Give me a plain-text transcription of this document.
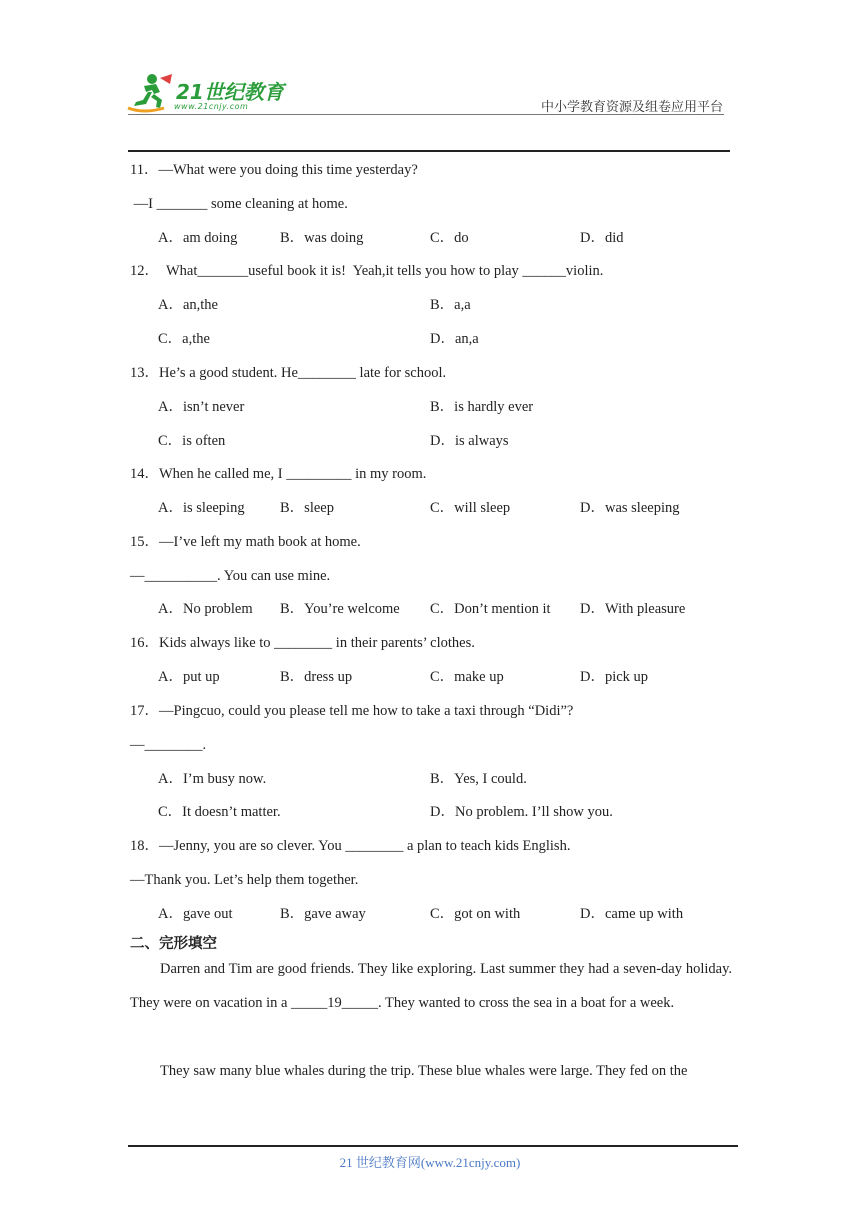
21世纪教育
www.21cnjy.com	中小学教育资源及组卷应用平台
11．—What were you doing this time yesterday?
—I _______ some cleaning at home.
A．am doing	B．was doing	C．do	D．did
12．  What_______useful book it is!  Yeah,it tells you how to play ______violin.
A．an,the	B．a,a
C．a,the	D．an,a
13．He’s a good student. He________ late for school.
A．isn’t never	B．is hardly ever
C．is often	D．is always
14．When he called me, I _________ in my room.
A．is sleeping B．sleep	C．will sleep	D．was sleeping
15．—I’ve left my math book at home.
—__________. You can use mine.
A．No problem B．You’re welcome C．Don’t mention it D．With pleasure
16．Kids always like to ________ in their parents’ clothes.
A．put up	B．dress up	C．make up	D．pick up
17．—Pingcuo, could you please tell me how to take a taxi through “Didi”?
—________.
A．I’m busy now.	B．Yes, I could.
C．It doesn’t matter.	D．No problem. I’ll show you.
18．—Jenny, you are so clever. You ________ a plan to teach kids English.
—Thank you. Let’s help them together.
A．gave out	B．gave away	C．got on with	D．came up with
二、完形填空
Darren and Tim are good friends. They like exploring. Last summer they had a seven-day holiday. They were on vacation in a _____19_____. They wanted to cross the sea in a boat for a week.
They saw many blue whales during the trip. These blue whales were large. They fed on the
21 世纪教育网(www.21cnjy.com)
